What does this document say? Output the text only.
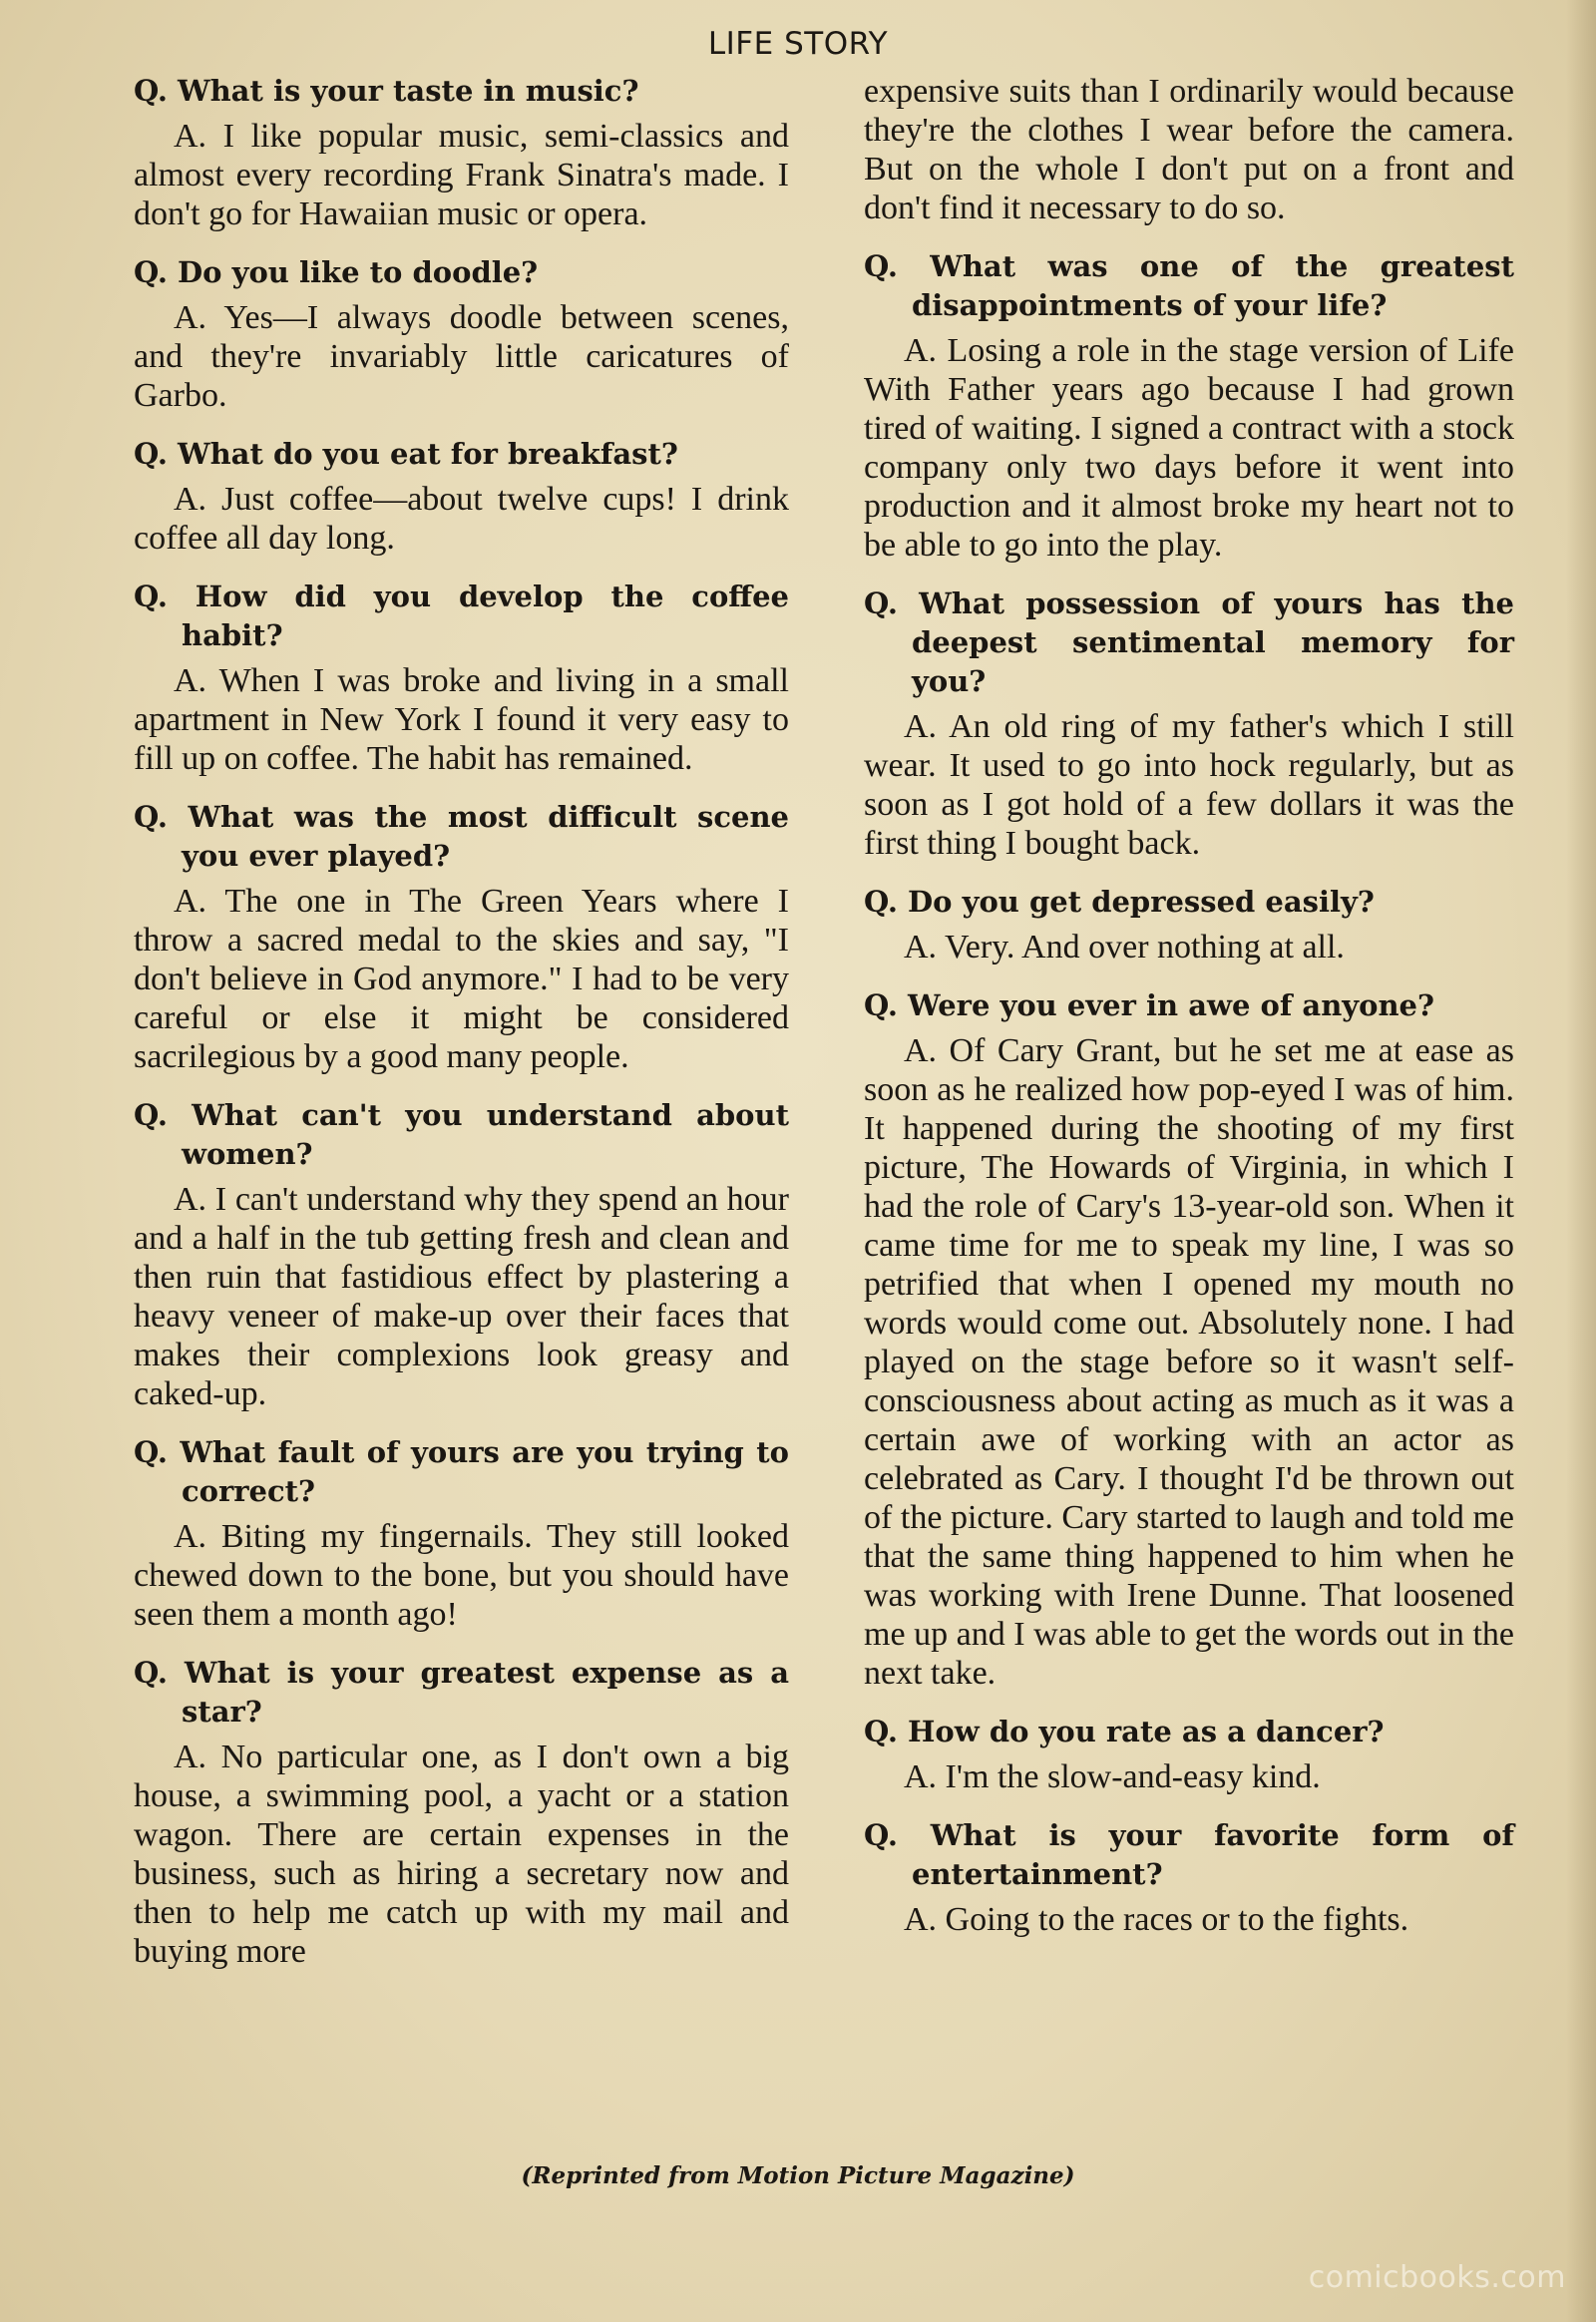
LIFE STORY

Q. What is your taste in music?

A. I like popular music, semi-classics and almost every recording Frank Sinatra's made. I don't go for Hawaiian music or opera.

Q. Do you like to doodle?

A. Yes—I always doodle between scenes, and they're invariably little caricatures of Garbo.

Q. What do you eat for breakfast?

A. Just coffee—about twelve cups! I drink coffee all day long.

Q. How did you develop the coffee habit?

A. When I was broke and living in a small apartment in New York I found it very easy to fill up on coffee. The habit has remained.

Q. What was the most difficult scene you ever played?

A. The one in The Green Years where I throw a sacred medal to the skies and say, "I don't believe in God anymore." I had to be very careful or else it might be considered sacrilegious by a good many people.

Q. What can't you understand about women?

A. I can't understand why they spend an hour and a half in the tub getting fresh and clean and then ruin that fastidious effect by plastering a heavy veneer of make-up over their faces that makes their complexions look greasy and caked-up.

Q. What fault of yours are you trying to correct?

A. Biting my fingernails. They still looked chewed down to the bone, but you should have seen them a month ago!

Q. What is your greatest expense as a star?

A. No particular one, as I don't own a big house, a swimming pool, a yacht or a station wagon. There are certain expenses in the business, such as hiring a secretary now and then to help me catch up with my mail and buying more

expensive suits than I ordinarily would because they're the clothes I wear before the camera. But on the whole I don't put on a front and don't find it necessary to do so.

Q. What was one of the greatest disappointments of your life?

A. Losing a role in the stage version of Life With Father years ago because I had grown tired of waiting. I signed a contract with a stock company only two days before it went into production and it almost broke my heart not to be able to go into the play.

Q. What possession of yours has the deepest sentimental memory for you?

A. An old ring of my father's which I still wear. It used to go into hock regularly, but as soon as I got hold of a few dollars it was the first thing I bought back.

Q. Do you get depressed easily?

A. Very. And over nothing at all.

Q. Were you ever in awe of anyone?

A. Of Cary Grant, but he set me at ease as soon as he realized how pop-eyed I was of him. It happened during the shooting of my first picture, The Howards of Virginia, in which I had the role of Cary's 13-year-old son. When it came time for me to speak my line, I was so petrified that when I opened my mouth no words would come out. Absolutely none. I had played on the stage before so it wasn't self-consciousness about acting as much as it was a certain awe of working with an actor as celebrated as Cary. I thought I'd be thrown out of the picture. Cary started to laugh and told me that the same thing happened to him when he was working with Irene Dunne. That loosened me up and I was able to get the words out in the next take.

Q. How do you rate as a dancer?

A. I'm the slow-and-easy kind.

Q. What is your favorite form of entertainment?

A. Going to the races or to the fights.

(Reprinted from Motion Picture Magazine)
comicbooks.com
